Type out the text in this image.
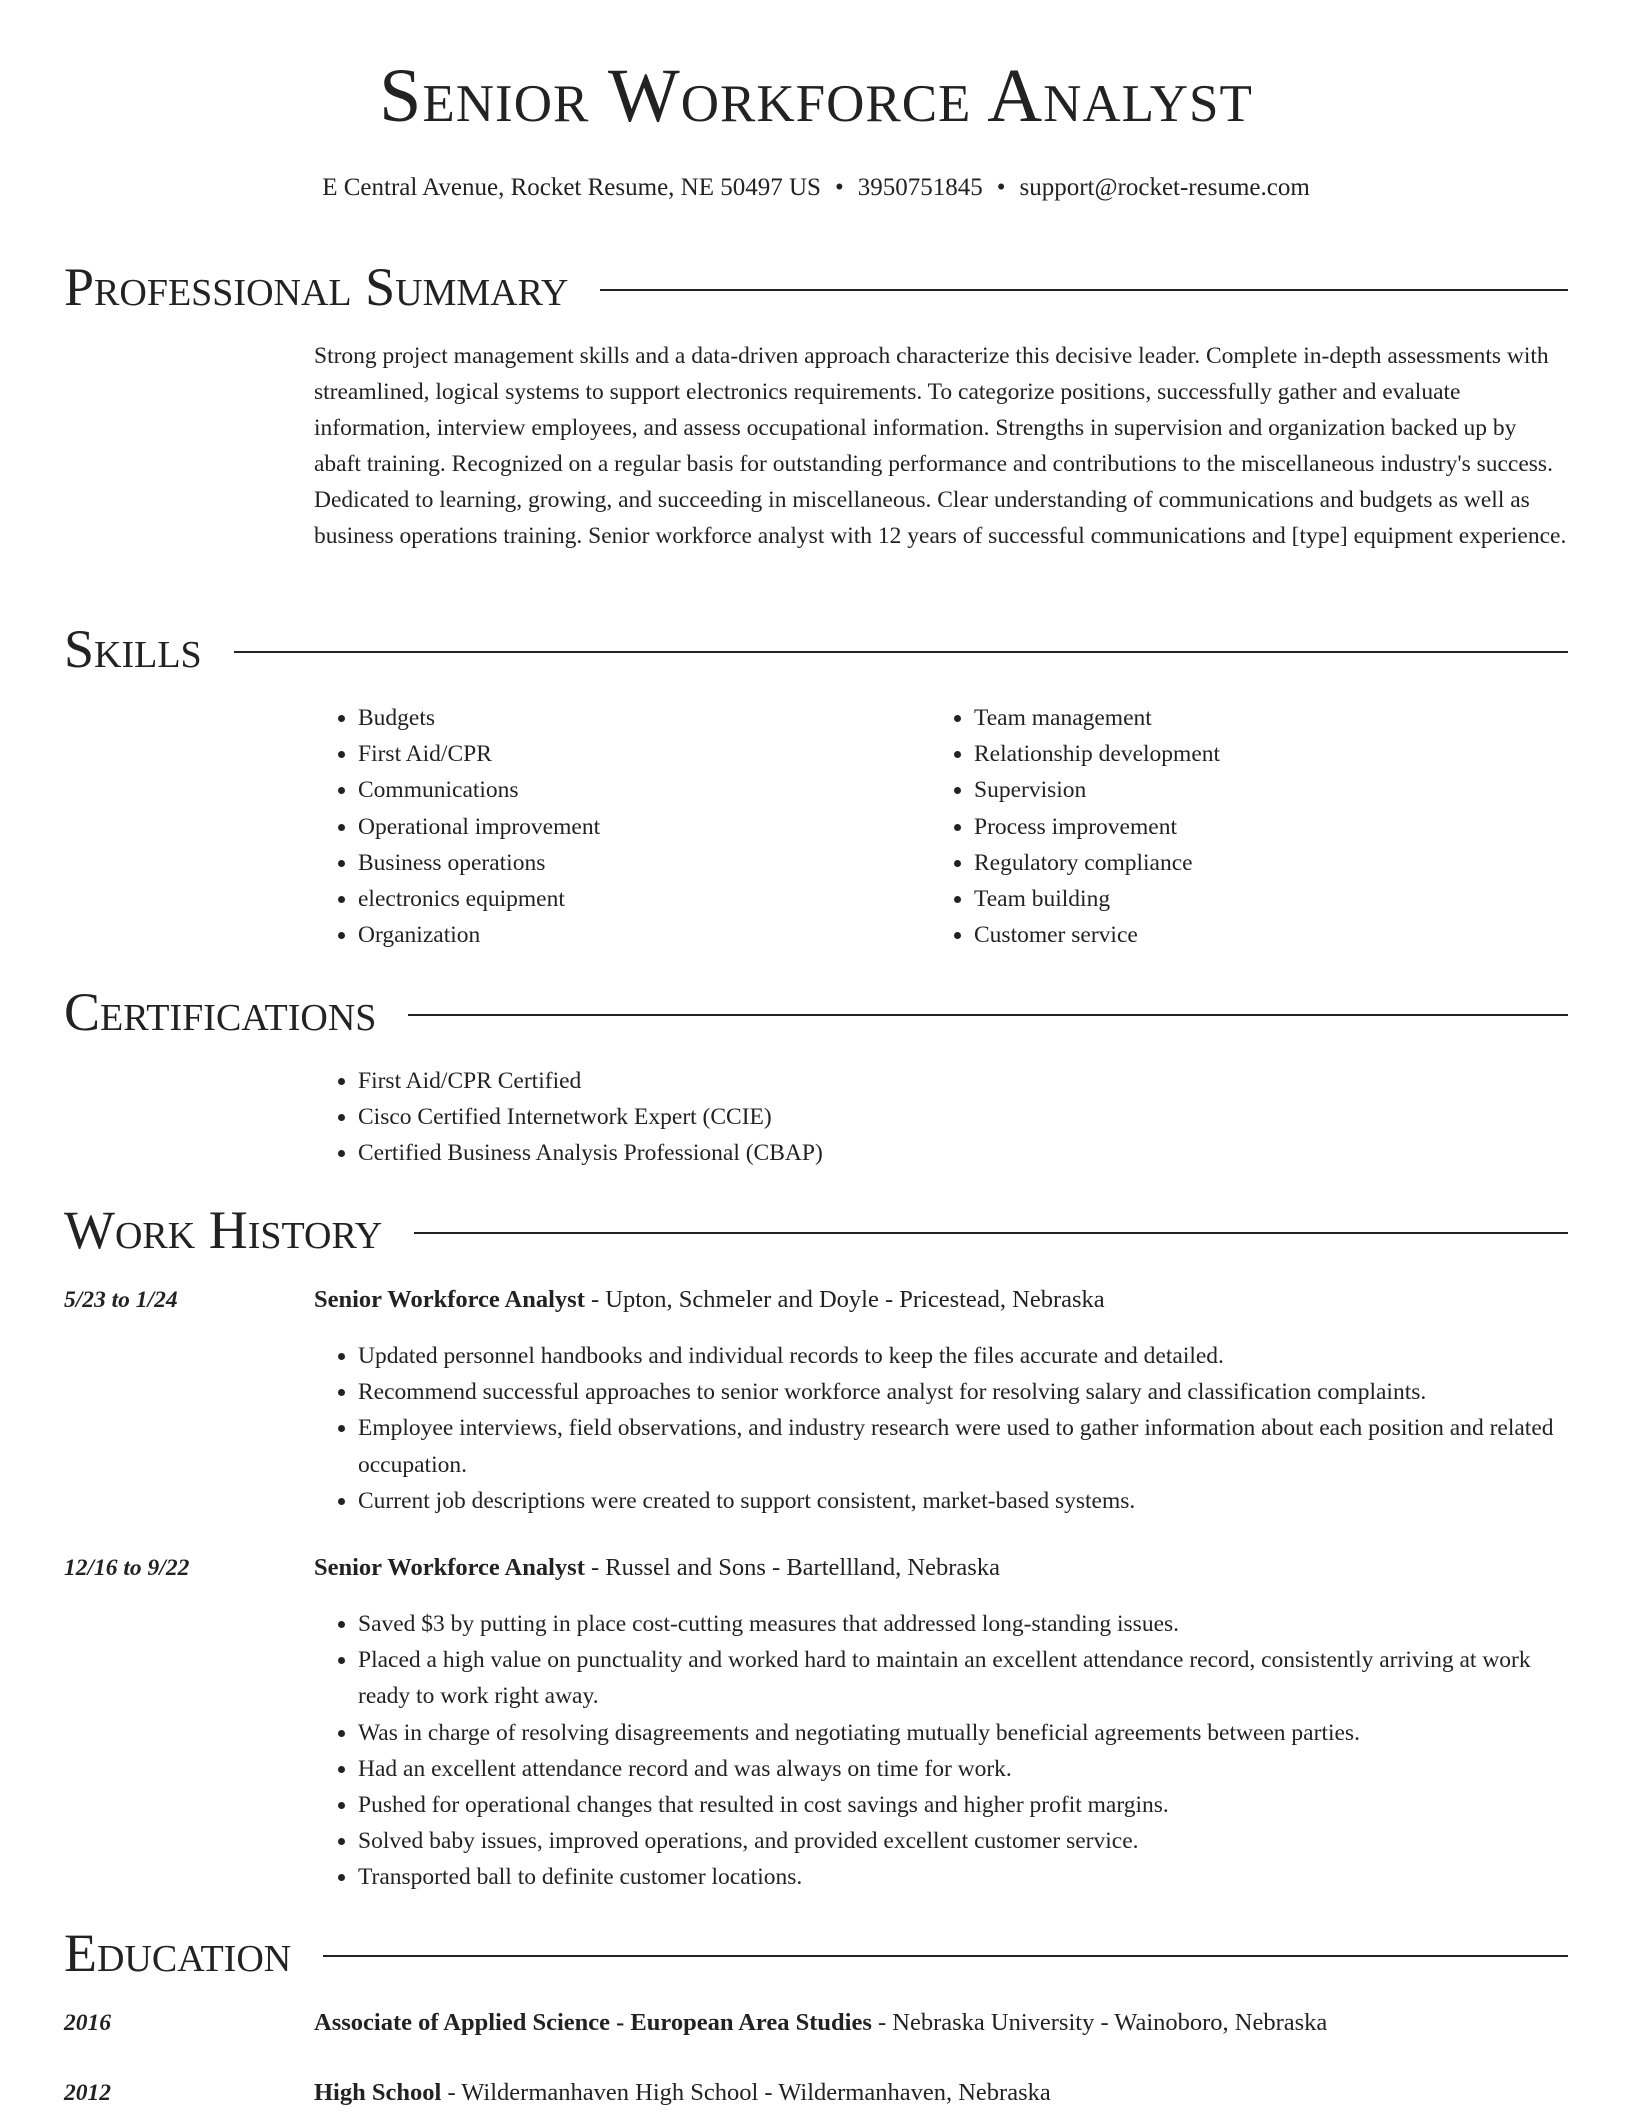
Senior Workforce Analyst
E Central Avenue, Rocket Resume, NE 50497 US • 3950751845 • support@rocket-resume.com
Professional Summary
Strong project management skills and a data-driven approach characterize this decisive leader. Complete in-depth assessments with streamlined, logical systems to support electronics requirements. To categorize positions, successfully gather and evaluate information, interview employees, and assess occupational information. Strengths in supervision and organization backed up by abaft training. Recognized on a regular basis for outstanding performance and contributions to the miscellaneous industry's success. Dedicated to learning, growing, and succeeding in miscellaneous. Clear understanding of communications and budgets as well as business operations training. Senior workforce analyst with 12 years of successful communications and [type] equipment experience.
Skills
• Budgets
• First Aid/CPR
• Communications
• Operational improvement
• Business operations
• electronics equipment
• Organization
• Team management
• Relationship development
• Supervision
• Process improvement
• Regulatory compliance
• Team building
• Customer service
Certifications
• First Aid/CPR Certified
• Cisco Certified Internetwork Expert (CCIE)
• Certified Business Analysis Professional (CBAP)
Work History
5/23 to 1/24	Senior Workforce Analyst - Upton, Schmeler and Doyle - Pricestead, Nebraska
• Updated personnel handbooks and individual records to keep the files accurate and detailed.
• Recommend successful approaches to senior workforce analyst for resolving salary and classification complaints.
• Employee interviews, field observations, and industry research were used to gather information about each position and related occupation.
• Current job descriptions were created to support consistent, market-based systems.
12/16 to 9/22	Senior Workforce Analyst - Russel and Sons - Bartellland, Nebraska
• Saved $3 by putting in place cost-cutting measures that addressed long-standing issues.
• Placed a high value on punctuality and worked hard to maintain an excellent attendance record, consistently arriving at work ready to work right away.
• Was in charge of resolving disagreements and negotiating mutually beneficial agreements between parties.
• Had an excellent attendance record and was always on time for work.
• Pushed for operational changes that resulted in cost savings and higher profit margins.
• Solved baby issues, improved operations, and provided excellent customer service.
• Transported ball to definite customer locations.
Education
2016	Associate of Applied Science - European Area Studies - Nebraska University - Wainoboro, Nebraska
2012	High School - Wildermanhaven High School - Wildermanhaven, Nebraska
